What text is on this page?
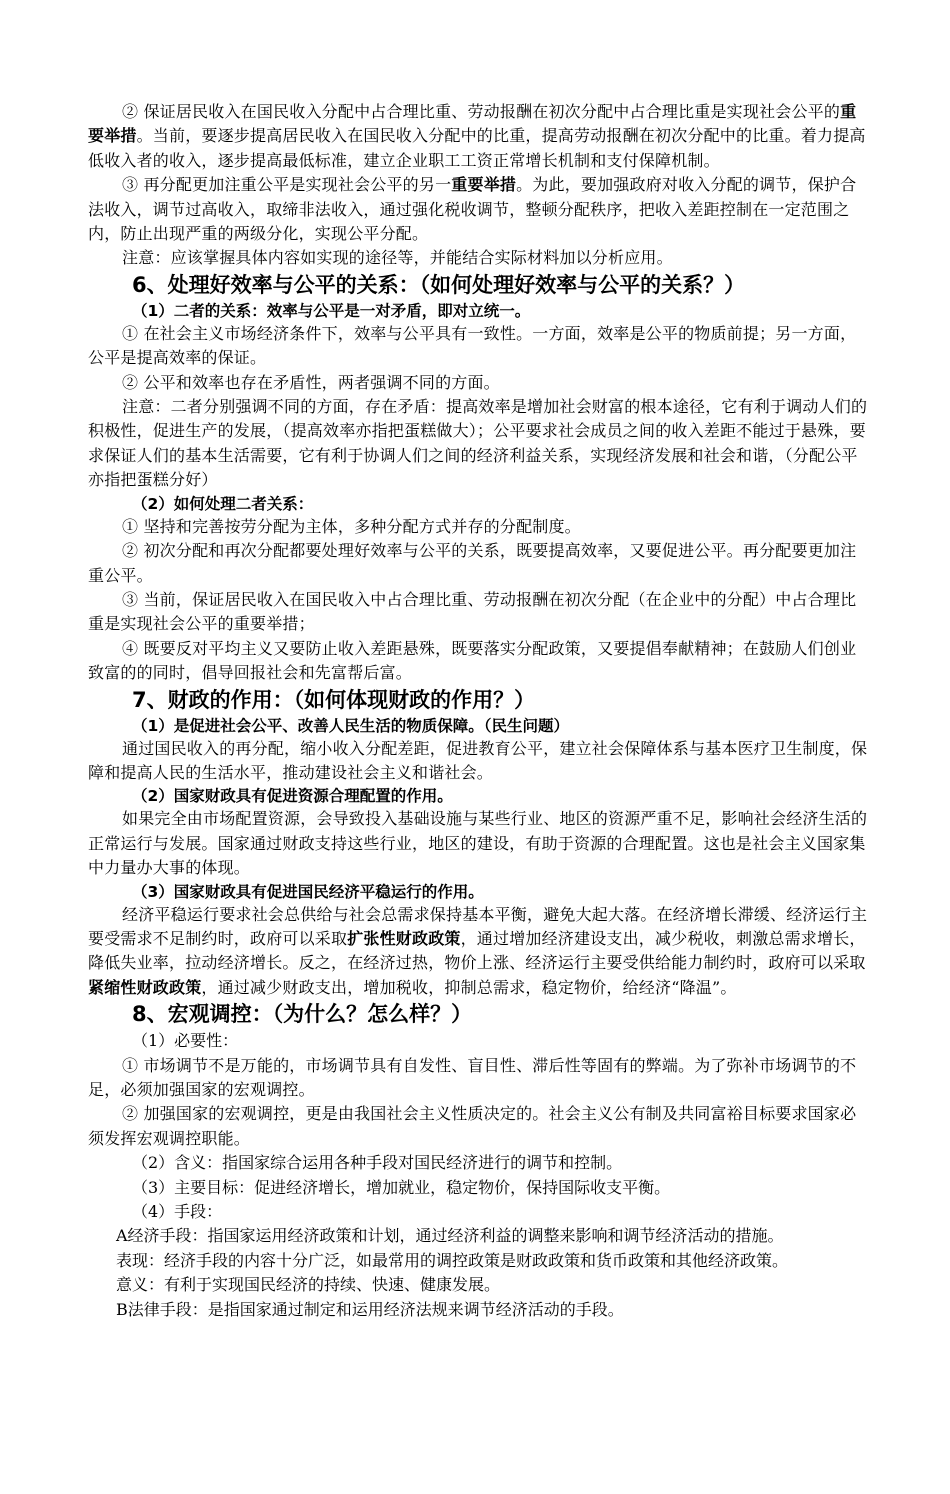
② 保证居民收入在国民收入分配中占合理比重、劳动报酬在初次分配中占合理比重是实现社会公平的重要举措。当前，要逐步提高居民收入在国民收入分配中的比重，提高劳动报酬在初次分配中的比重。着力提高低收入者的收入，逐步提高最低标准，建立企业职工工资正常增长机制和支付保障机制。

③ 再分配更加注重公平是实现社会公平的另一重要举措。为此，要加强政府对收入分配的调节，保护合法收入，调节过高收入，取缔非法收入，通过强化税收调节，整顿分配秩序，把收入差距控制在一定范围之内，防止出现严重的两级分化，实现公平分配。

注意：应该掌握具体内容如实现的途径等，并能结合实际材料加以分析应用。

6、处理好效率与公平的关系：（如何处理好效率与公平的关系？）

（1）二者的关系：效率与公平是一对矛盾，即对立统一。

① 在社会主义市场经济条件下，效率与公平具有一致性。一方面，效率是公平的物质前提；另一方面，公平是提高效率的保证。

② 公平和效率也存在矛盾性，两者强调不同的方面。

注意：二者分别强调不同的方面，存在矛盾：提高效率是增加社会财富的根本途径，它有利于调动人们的积极性，促进生产的发展，（提高效率亦指把蛋糕做大）；公平要求社会成员之间的收入差距不能过于悬殊，要求保证人们的基本生活需要，它有利于协调人们之间的经济利益关系，实现经济发展和社会和谐，（分配公平亦指把蛋糕分好）

（2）如何处理二者关系：

① 坚持和完善按劳分配为主体，多种分配方式并存的分配制度。

② 初次分配和再次分配都要处理好效率与公平的关系，既要提高效率，又要促进公平。再分配要更加注重公平。

③ 当前，保证居民收入在国民收入中占合理比重、劳动报酬在初次分配（在企业中的分配）中占合理比重是实现社会公平的重要举措；

④ 既要反对平均主义又要防止收入差距悬殊，既要落实分配政策，又要提倡奉献精神；在鼓励人们创业致富的的同时，倡导回报社会和先富帮后富。

7、财政的作用：（如何体现财政的作用？）

（1）是促进社会公平、改善人民生活的物质保障。（民生问题）

通过国民收入的再分配，缩小收入分配差距，促进教育公平，建立社会保障体系与基本医疗卫生制度，保障和提高人民的生活水平，推动建设社会主义和谐社会。

（2）国家财政具有促进资源合理配置的作用。

如果完全由市场配置资源，会导致投入基础设施与某些行业、地区的资源严重不足，影响社会经济生活的正常运行与发展。国家通过财政支持这些行业，地区的建设，有助于资源的合理配置。这也是社会主义国家集中力量办大事的体现。

（3）国家财政具有促进国民经济平稳运行的作用。

经济平稳运行要求社会总供给与社会总需求保持基本平衡，避免大起大落。在经济增长滞缓、经济运行主要受需求不足制约时，政府可以采取扩张性财政政策，通过增加经济建设支出，减少税收，刺激总需求增长，降低失业率，拉动经济增长。反之，在经济过热，物价上涨、经济运行主要受供给能力制约时，政府可以采取紧缩性财政政策，通过减少财政支出，增加税收，抑制总需求，稳定物价，给经济“降温”。

8、宏观调控：（为什么？怎么样？）

（1）必要性：

① 市场调节不是万能的，市场调节具有自发性、盲目性、滞后性等固有的弊端。为了弥补市场调节的不足，必须加强国家的宏观调控。

② 加强国家的宏观调控，更是由我国社会主义性质决定的。社会主义公有制及共同富裕目标要求国家必须发挥宏观调控职能。

（2）含义：指国家综合运用各种手段对国民经济进行的调节和控制。

（3）主要目标：促进经济增长，增加就业，稳定物价，保持国际收支平衡。

（4）手段：

A经济手段：指国家运用经济政策和计划，通过经济利益的调整来影响和调节经济活动的措施。

表现：经济手段的内容十分广泛，如最常用的调控政策是财政政策和货币政策和其他经济政策。

意义：有利于实现国民经济的持续、快速、健康发展。

B法律手段：是指国家通过制定和运用经济法规来调节经济活动的手段。
